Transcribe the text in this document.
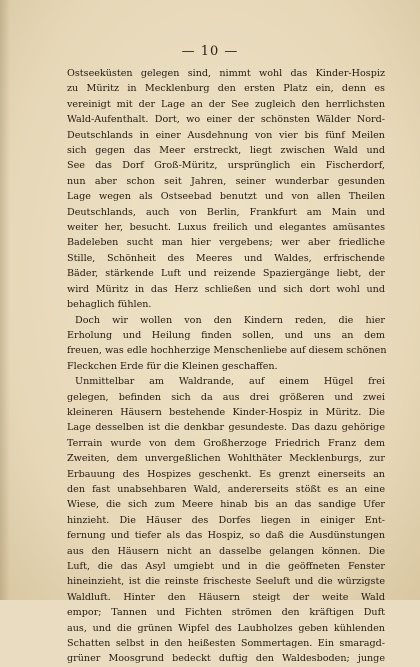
— 10 —
Ostseeküsten gelegen sind, nimmt wohl das Kinder-Hospiz
zu Müritz in Mecklenburg den ersten Platz ein, denn es
vereinigt mit der Lage an der See zugleich den herrlichsten
Wald-Aufenthalt. Dort, wo einer der schönsten Wälder Nord-
Deutschlands in einer Ausdehnung von vier bis fünf Meilen
sich gegen das Meer erstreckt, liegt zwischen Wald und
See das Dorf Groß-Müritz, ursprünglich ein Fischerdorf,
nun aber schon seit Jahren, seiner wunderbar gesunden
Lage wegen als Ostseebad benutzt und von allen Theilen
Deutschlands, auch von Berlin, Frankfurt am Main und
weiter her, besucht. Luxus freilich und elegantes amüsantes
Badeleben sucht man hier vergebens; wer aber friedliche
Stille, Schönheit des Meeres und Waldes, erfrischende
Bäder, stärkende Luft und reizende Spaziergänge liebt, der
wird Müritz in das Herz schließen und sich dort wohl und
behaglich fühlen.
Doch wir wollen von den Kindern reden, die hier
Erholung und Heilung finden sollen, und uns an dem
freuen, was edle hochherzige Menschenliebe auf diesem schönen
Fleckchen Erde für die Kleinen geschaffen.
Unmittelbar am Waldrande, auf einem Hügel frei
gelegen, befinden sich da aus drei größeren und zwei
kleineren Häusern bestehende Kinder-Hospiz in Müritz. Die
Lage desselben ist die denkbar gesundeste. Das dazu gehörige
Terrain wurde von dem Großherzoge Friedrich Franz dem
Zweiten, dem unvergeßlichen Wohlthäter Mecklenburgs, zur
Erbauung des Hospizes geschenkt. Es grenzt einerseits an
den fast unabsehbaren Wald, andererseits stößt es an eine
Wiese, die sich zum Meere hinab bis an das sandige Ufer
hinzieht. Die Häuser des Dorfes liegen in einiger Ent-
fernung und tiefer als das Hospiz, so daß die Ausdünstungen
aus den Häusern nicht an dasselbe gelangen können. Die
Luft, die das Asyl umgiebt und in die geöffneten Fenster
hineinzieht, ist die reinste frischeste Seeluft und die würzigste
Waldluft. Hinter den Häusern steigt der weite Wald
empor; Tannen und Fichten strömen den kräftigen Duft
aus, und die grünen Wipfel des Laubholzes geben kühlenden
Schatten selbst in den heißesten Sommertagen. Ein smaragd-
grüner Moosgrund bedeckt duftig den Waldesboden; junge
